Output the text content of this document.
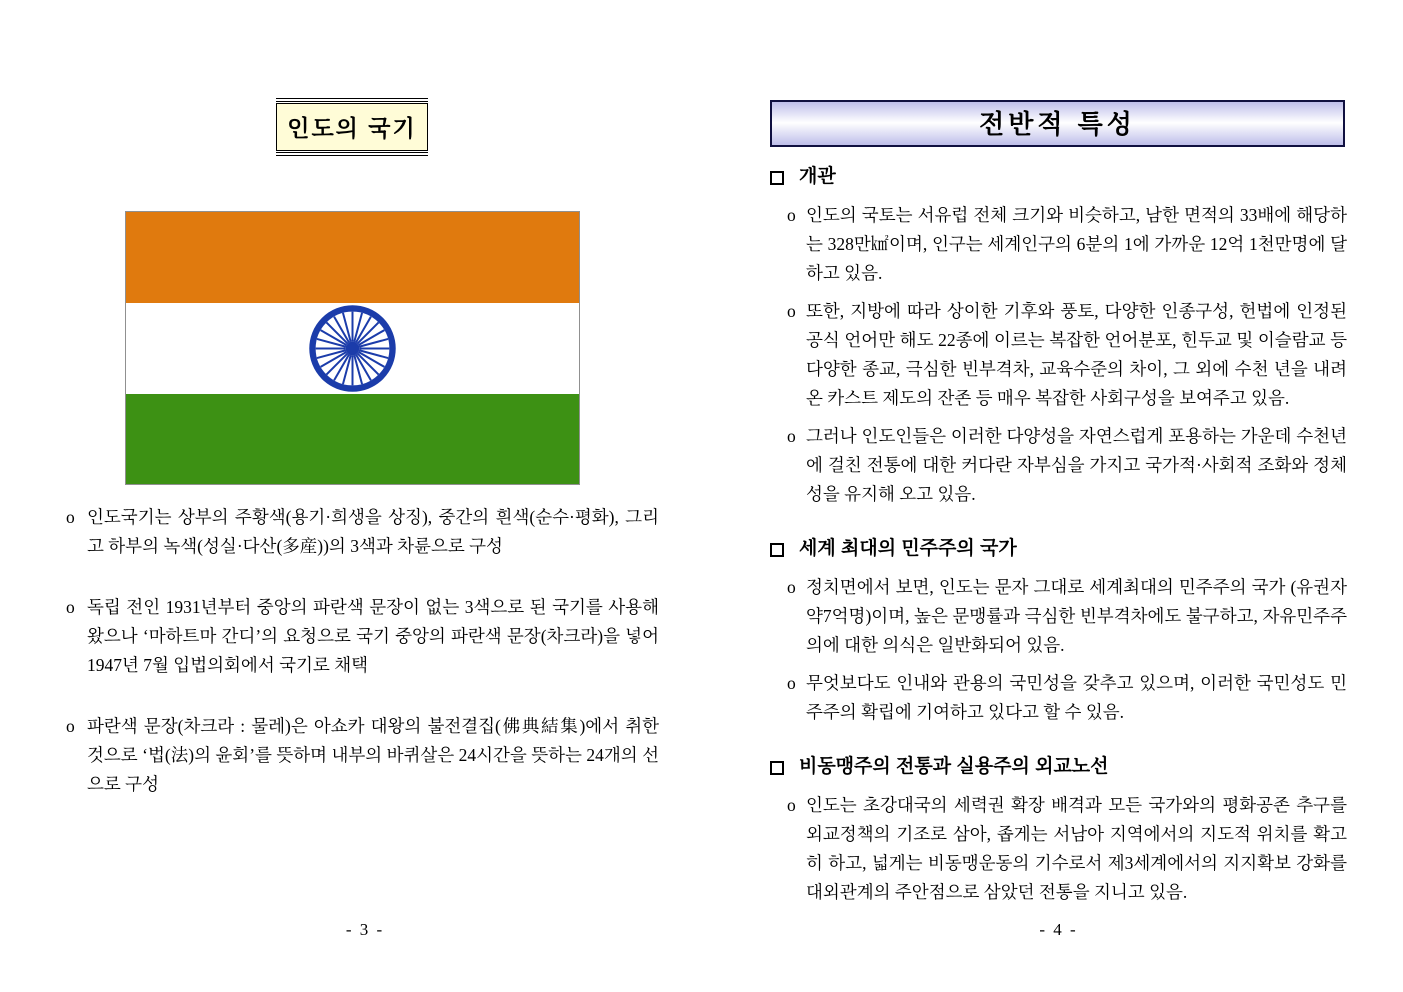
인도의 국기
o 인도국기는 상부의 주황색(용기·희생을 상징), 중간의 흰색(순수·평화), 그리고 하부의 녹색(성실·다산(多産))의 3색과 차륜으로 구성
o 독립 전인 1931년부터 중앙의 파란색 문장이 없는 3색으로 된 국기를 사용해 왔으나 ‘마하트마 간디’의 요청으로 국기 중앙의 파란색 문장(차크라)을 넣어 1947년 7월 입법의회에서 국기로 채택
o 파란색 문장(차크라 : 물레)은 아쇼카 대왕의 불전결집(佛典結集)에서 취한 것으로 ‘법(法)의 윤회’를 뜻하며 내부의 바퀴살은 24시간을 뜻하는 24개의 선으로 구성
- 3 -
전반적 특성
개관
o 인도의 국토는 서유럽 전체 크기와 비슷하고, 남한 면적의 33배에 해당하는 328만㎢이며, 인구는 세계인구의 6분의 1에 가까운 12억 1천만명에 달하고 있음.
o 또한, 지방에 따라 상이한 기후와 풍토, 다양한 인종구성, 헌법에 인정된 공식 언어만 해도 22종에 이르는 복잡한 언어분포, 힌두교 및 이슬람교 등 다양한 종교, 극심한 빈부격차, 교육수준의 차이, 그 외에 수천 년을 내려온 카스트 제도의 잔존 등 매우 복잡한 사회구성을 보여주고 있음.
o 그러나 인도인들은 이러한 다양성을 자연스럽게 포용하는 가운데 수천년에 걸친 전통에 대한 커다란 자부심을 가지고 국가적·사회적 조화와 정체성을 유지해 오고 있음.
세계 최대의 민주주의 국가
o 정치면에서 보면, 인도는 문자 그대로 세계최대의 민주주의 국가 (유권자 약7억명)이며, 높은 문맹률과 극심한 빈부격차에도 불구하고, 자유민주주의에 대한 의식은 일반화되어 있음.
o 무엇보다도 인내와 관용의 국민성을 갖추고 있으며, 이러한 국민성도 민주주의 확립에 기여하고 있다고 할 수 있음.
비동맹주의 전통과 실용주의 외교노선
o 인도는 초강대국의 세력권 확장 배격과 모든 국가와의 평화공존 추구를 외교정책의 기조로 삼아, 좁게는 서남아 지역에서의 지도적 위치를 확고히 하고, 넓게는 비동맹운동의 기수로서 제3세계에서의 지지확보 강화를 대외관계의 주안점으로 삼았던 전통을 지니고 있음.
- 4 -
